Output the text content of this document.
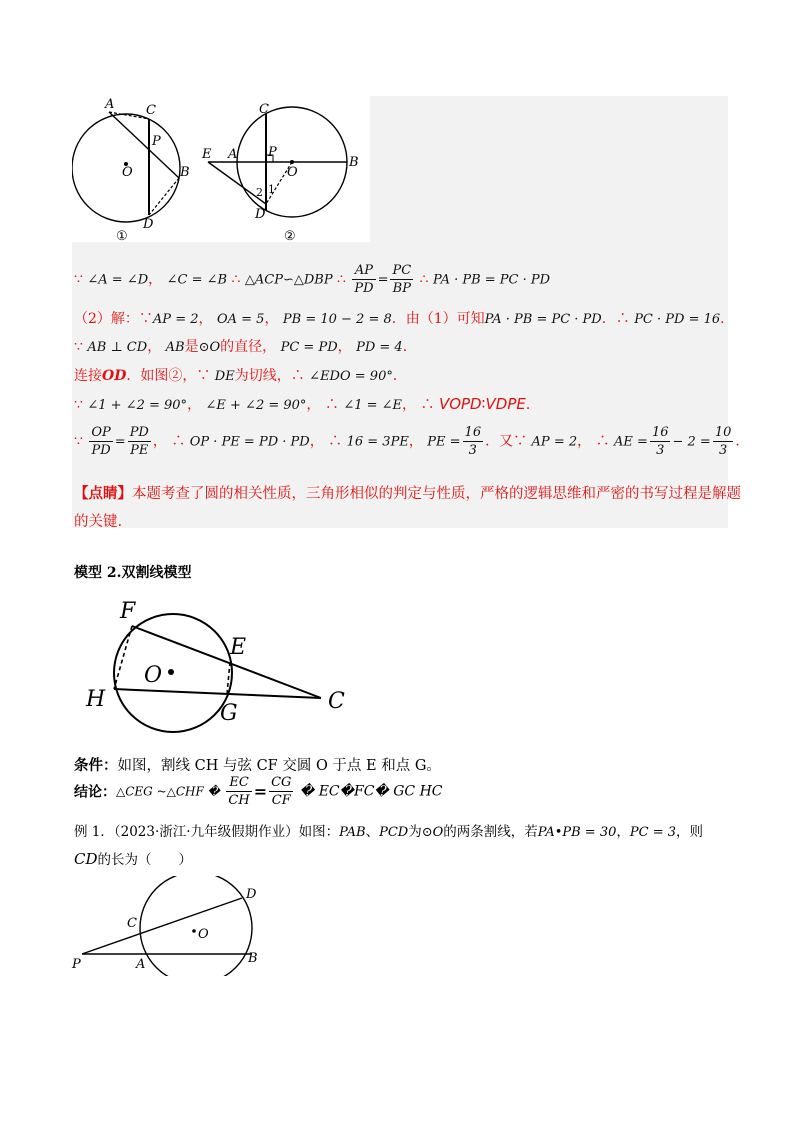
A C
P
O	B
D
①
C
E A P
O
B
D
1
2
②
∵ ∠A = ∠D， ∠C = ∠B ∴ △ACP∽△DBP ∴ $\frac{AP}{PD} = \frac{PC}{BP}$ ∴ PA · PB = PC · PD
（2）解：∵AP = 2， OA = 5， PB = 10 − 2 = 8．由（1）可知PA · PB = PC · PD．∴ PC · PD = 16．
∵ AB ⊥ CD， AB是⊙O的直径， PC = PD， PD = 4．
连接OD．如图②，∵ DE为切线，∴ ∠EDO = 90°．
∵ ∠1 + ∠2 = 90°， ∠E + ∠2 = 90°， ∴ ∠1 = ∠E， ∴ VOPD∶VDPE．
∵ $\frac{OP}{PD} = \frac{PD}{PE}$ ， ∴ OP · PE = PD · PD， ∴ 16 = 3PE， PE = $\frac{16}{3}$ ．又∵ AP = 2， ∴ AE = $\frac{16}{3} - 2 = \frac{10}{3}$ ．
【点睛】本题考查了圆的相关性质，三角形相似的判定与性质，严格的逻辑思维和严密的书写过程是解题
的关键.
模型 2.双割线模型
F
E
O
H
G	C
条件：如图，割线 CH 与弦 CF 交圆 O 于点 E 和点 G。
结论：△CEG ~△CHF � $\frac{EC}{CH} = \frac{CG}{CF}$ � EC�FC� GC HC
例 1．（2023·浙江·九年级假期作业）如图：PAB、PCD为⊙O的两条割线，若PA•PB = 30，PC = 3，则
CD的长为（　　）
D
C
O
P	A	B
